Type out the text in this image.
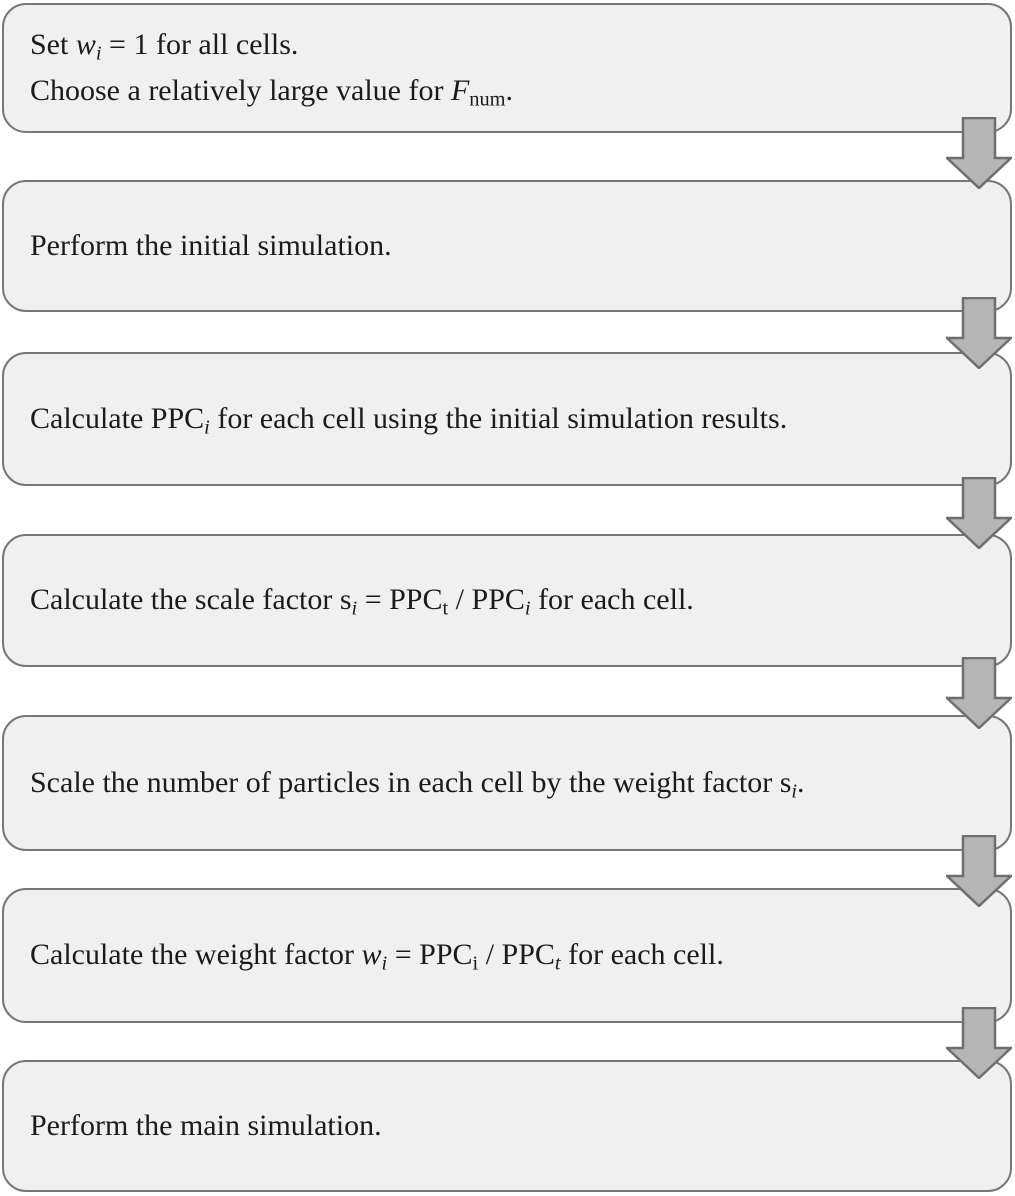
Set $w_i = 1$ for all cells.
Choose a relatively large value for $F_{num}$.
Perform the initial simulation.
Calculate $PPC_i$ for each cell using the initial simulation results.
Calculate the scale factor $s_i = PPC_t / PPC_i$ for each cell.
Scale the number of particles in each cell by the weight factor $s_i$.
Calculate the weight factor $w_i = PPC_i / PPC_t$ for each cell.
Perform the main simulation.
